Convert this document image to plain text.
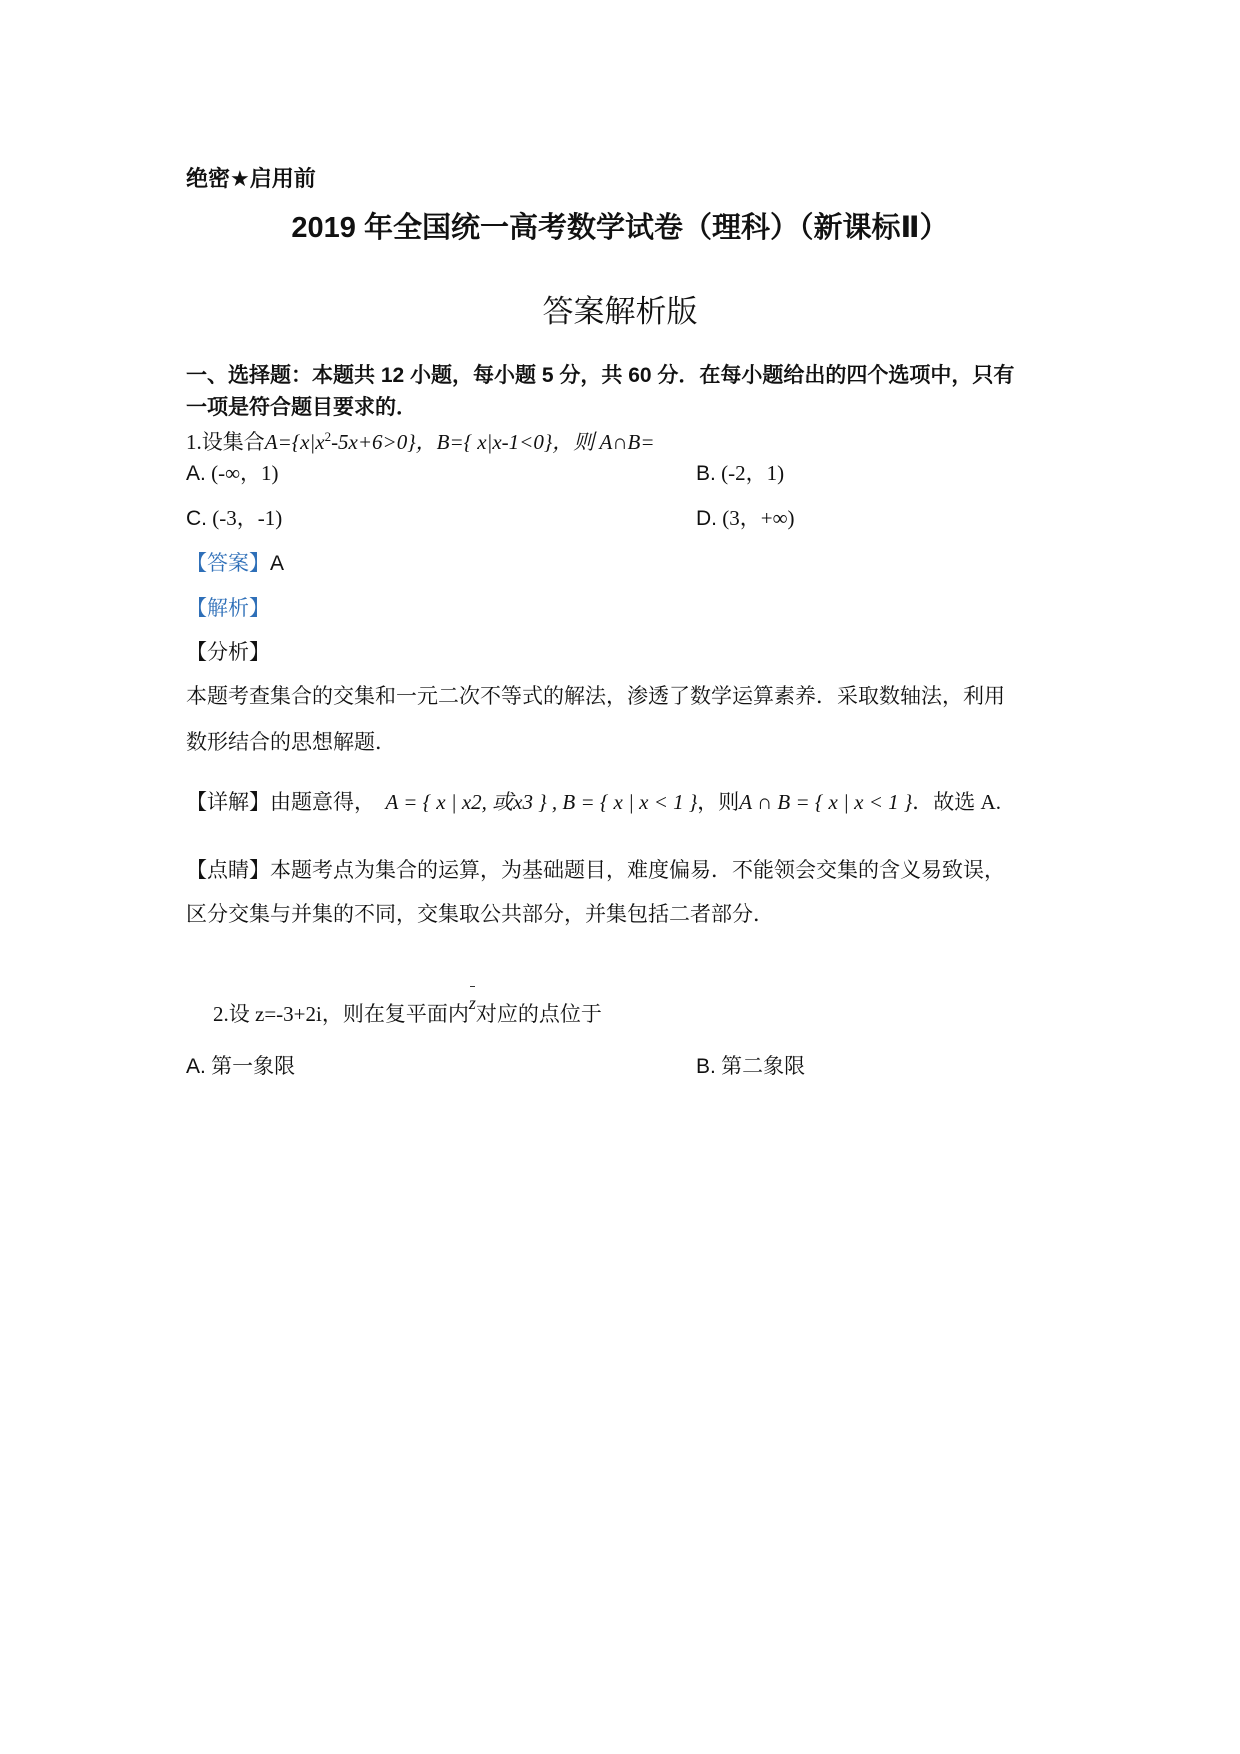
绝密★启用前
2019 年全国统一高考数学试卷（理科）（新课标Ⅱ）
答案解析版
一、选择题：本题共 12 小题，每小题 5 分，共 60 分．在每小题给出的四个选项中，只有
一项是符合题目要求的．
1.设集合$A=\{x|x^2-5x+6>0\}$，B={ x|x-1<0}，则 A∩B=
A. (-∞，1)	B. (-2，1)
C. (-3，-1)	D. (3，+∞)
【答案】A
【解析】
【分析】
本题考查集合的交集和一元二次不等式的解法，渗透了数学运算素养．采取数轴法，利用
数形结合的思想解题．
【详解】由题意得， A = { x | x2, 或x3 } , B = { x | x < 1 }，则A ∩ B = { x | x < 1 }．故选 A.
【点睛】本题考点为集合的运算，为基础题目，难度偏易．不能领会交集的含义易致误，
区分交集与并集的不同，交集取公共部分，并集包括二者部分．
2.设 z=-3+2i，则在复平面内z对应的点位于
A. 第一象限	B. 第二象限
